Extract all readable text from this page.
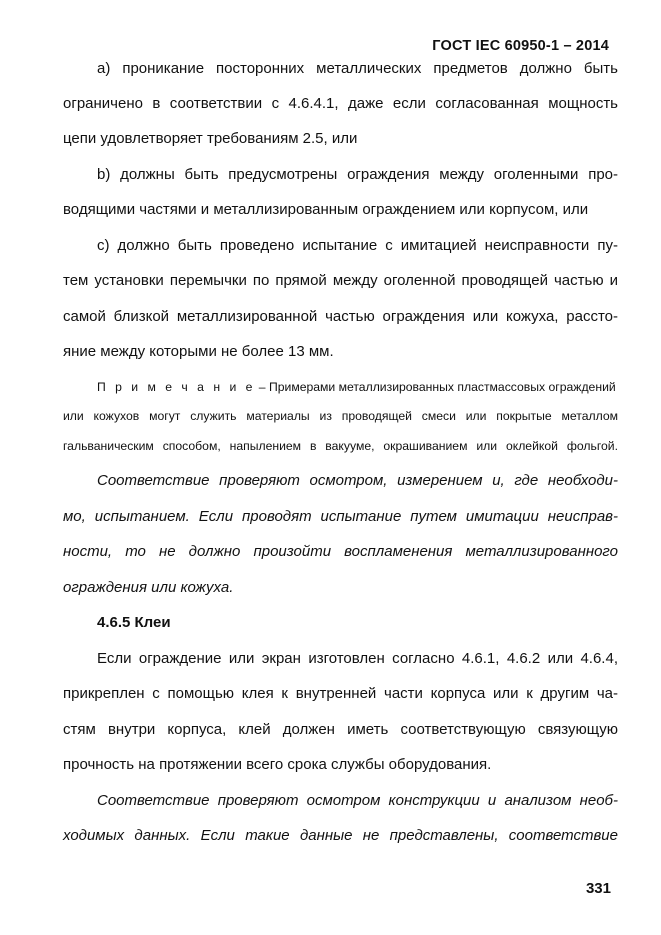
ГОСТ IEC 60950-1 – 2014
а) проникание посторонних металлических предметов должно быть
ограничено в соответствии с 4.6.4.1, даже если согласованная мощность
цепи удовлетворяет требованиям 2.5, или
b) должны быть предусмотрены ограждения между оголенными про-
водящими частями и металлизированным ограждением или корпусом, или
c) должно быть проведено испытание с имитацией неисправности пу-
тем установки перемычки по прямой между оголенной проводящей частью и
самой близкой металлизированной частью ограждения или кожуха, рассто-
яние между которыми не более 13 мм.
П р и м е ч а н и е – Примерами металлизированных пластмассовых ограждений
или кожухов могут служить материалы из проводящей смеси или покрытые металлом
гальваническим способом, напылением в вакууме, окрашиванием или оклейкой фольгой.
Соответствие проверяют осмотром, измерением и, где необходи-
мо, испытанием. Если проводят испытание путем имитации неисправ-
ности, то не должно произойти воспламенения металлизированного
ограждения или кожуха.
4.6.5 Клеи
Если ограждение или экран изготовлен согласно 4.6.1, 4.6.2 или 4.6.4,
прикреплен с помощью клея к внутренней части корпуса или к другим ча-
стям внутри корпуса, клей должен иметь соответствующую связующую
прочность на протяжении всего срока службы оборудования.
Соответствие проверяют осмотром конструкции и анализом необ-
ходимых данных. Если такие данные не представлены, соответствие
331
